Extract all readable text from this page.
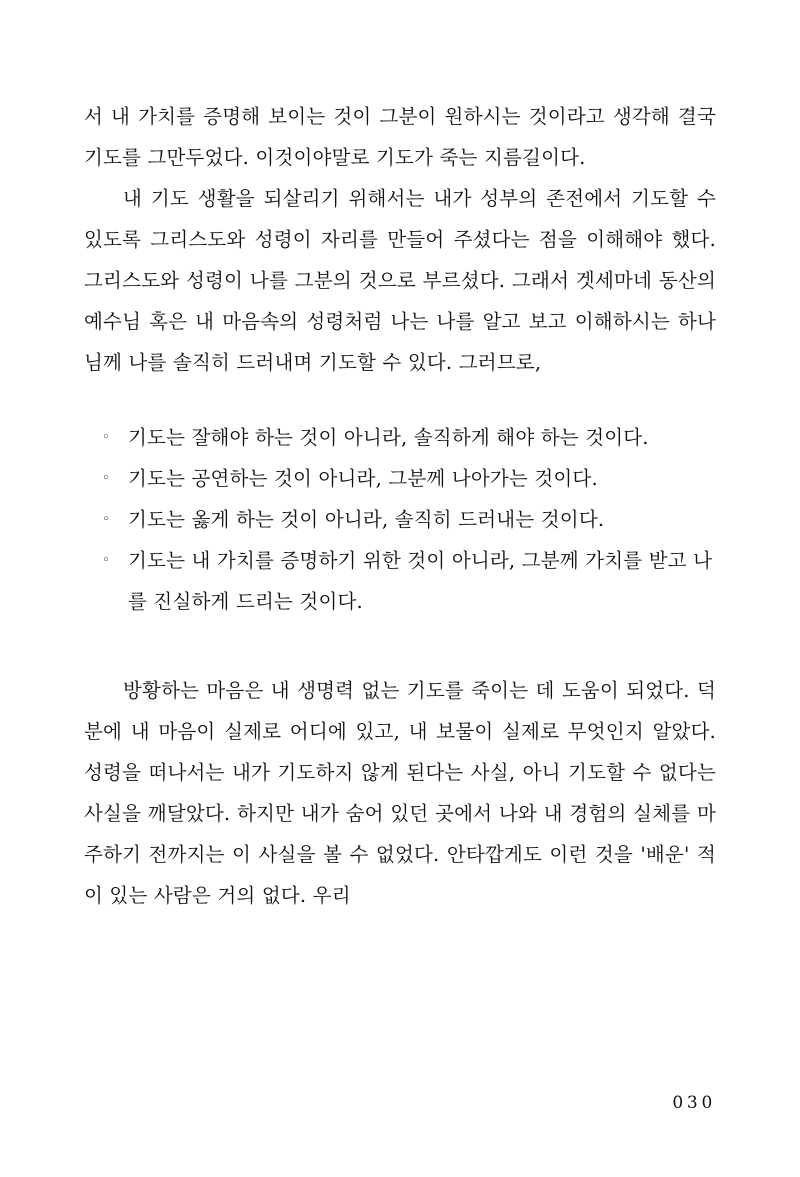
서 내 가치를 증명해 보이는 것이 그분이 원하시는 것이라고 생각해 결국 기도를 그만두었다. 이것이야말로 기도가 죽는 지름길이다.

내 기도 생활을 되살리기 위해서는 내가 성부의 존전에서 기도할 수 있도록 그리스도와 성령이 자리를 만들어 주셨다는 점을 이해해야 했다. 그리스도와 성령이 나를 그분의 것으로 부르셨다. 그래서 겟세마네 동산의 예수님 혹은 내 마음속의 성령처럼 나는 나를 알고 보고 이해하시는 하나님께 나를 솔직히 드러내며 기도할 수 있다. 그러므로,

◦ 기도는 잘해야 하는 것이 아니라, 솔직하게 해야 하는 것이다.
◦ 기도는 공연하는 것이 아니라, 그분께 나아가는 것이다.
◦ 기도는 옳게 하는 것이 아니라, 솔직히 드러내는 것이다.
◦ 기도는 내 가치를 증명하기 위한 것이 아니라, 그분께 가치를 받고 나를 진실하게 드리는 것이다.

방황하는 마음은 내 생명력 없는 기도를 죽이는 데 도움이 되었다. 덕분에 내 마음이 실제로 어디에 있고, 내 보물이 실제로 무엇인지 알았다. 성령을 떠나서는 내가 기도하지 않게 된다는 사실, 아니 기도할 수 없다는 사실을 깨달았다. 하지만 내가 숨어 있던 곳에서 나와 내 경험의 실체를 마주하기 전까지는 이 사실을 볼 수 없었다. 안타깝게도 이런 것을 '배운' 적이 있는 사람은 거의 없다. 우리

030
